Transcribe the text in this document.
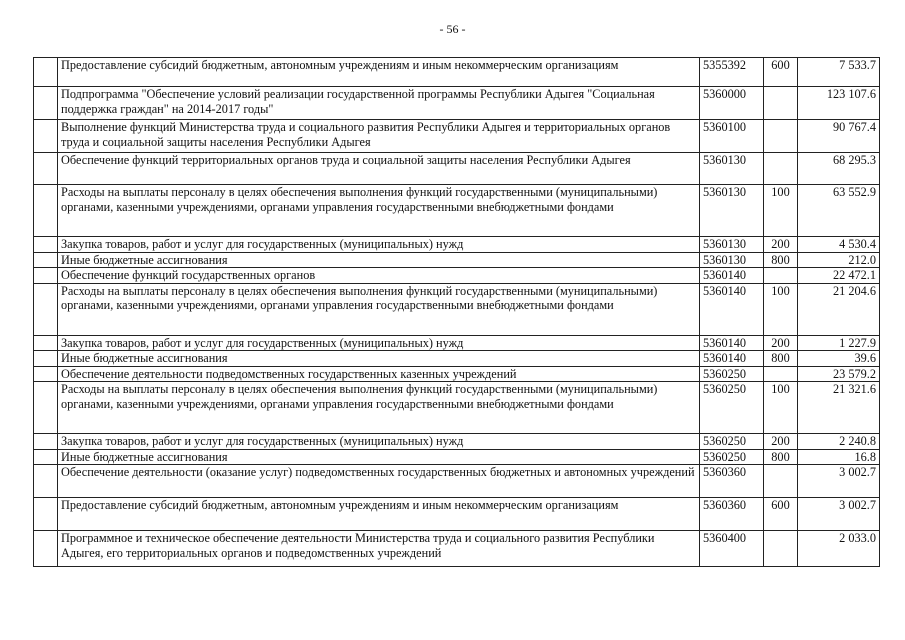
- 56 -
	Предоставление субсидий бюджетным, автономным учреждениям и иным некоммерческим организациям	5355392	600	7 533.7
	Подпрограмма "Обеспечение условий реализации государственной программы Республики Адыгея "Социальная поддержка граждан" на 2014-2017 годы"	5360000		123 107.6
	Выполнение функций Министерства труда и социального развития Республики Адыгея и территориальных органов труда и социальной защиты населения Республики Адыгея	5360100		90 767.4
	Обеспечение функций территориальных органов труда и социальной защиты населения Республики Адыгея	5360130		68 295.3
	Расходы на выплаты персоналу в целях обеспечения выполнения функций государственными (муниципальными) органами, казенными учреждениями, органами управления государственными внебюджетными фондами	5360130	100	63 552.9
	Закупка товаров, работ и услуг для государственных (муниципальных) нужд	5360130	200	4 530.4
	Иные бюджетные ассигнования	5360130	800	212.0
	Обеспечение функций государственных органов	5360140		22 472.1
	Расходы на выплаты персоналу в целях обеспечения выполнения функций государственными (муниципальными) органами, казенными учреждениями, органами управления государственными внебюджетными фондами	5360140	100	21 204.6
	Закупка товаров, работ и услуг для государственных (муниципальных) нужд	5360140	200	1 227.9
	Иные бюджетные ассигнования	5360140	800	39.6
	Обеспечение деятельности подведомственных государственных казенных учреждений	5360250		23 579.2
	Расходы на выплаты персоналу в целях обеспечения выполнения функций государственными (муниципальными) органами, казенными учреждениями, органами управления государственными внебюджетными фондами	5360250	100	21 321.6
	Закупка товаров, работ и услуг для государственных (муниципальных) нужд	5360250	200	2 240.8
	Иные бюджетные ассигнования	5360250	800	16.8
	Обеспечение деятельности (оказание услуг) подведомственных государственных бюджетных и автономных учреждений	5360360		3 002.7
	Предоставление субсидий бюджетным, автономным учреждениям и иным некоммерческим организациям	5360360	600	3 002.7
	Программное и техническое обеспечение деятельности Министерства труда и социального развития Республики Адыгея, его территориальных органов и подведомственных учреждений	5360400		2 033.0
